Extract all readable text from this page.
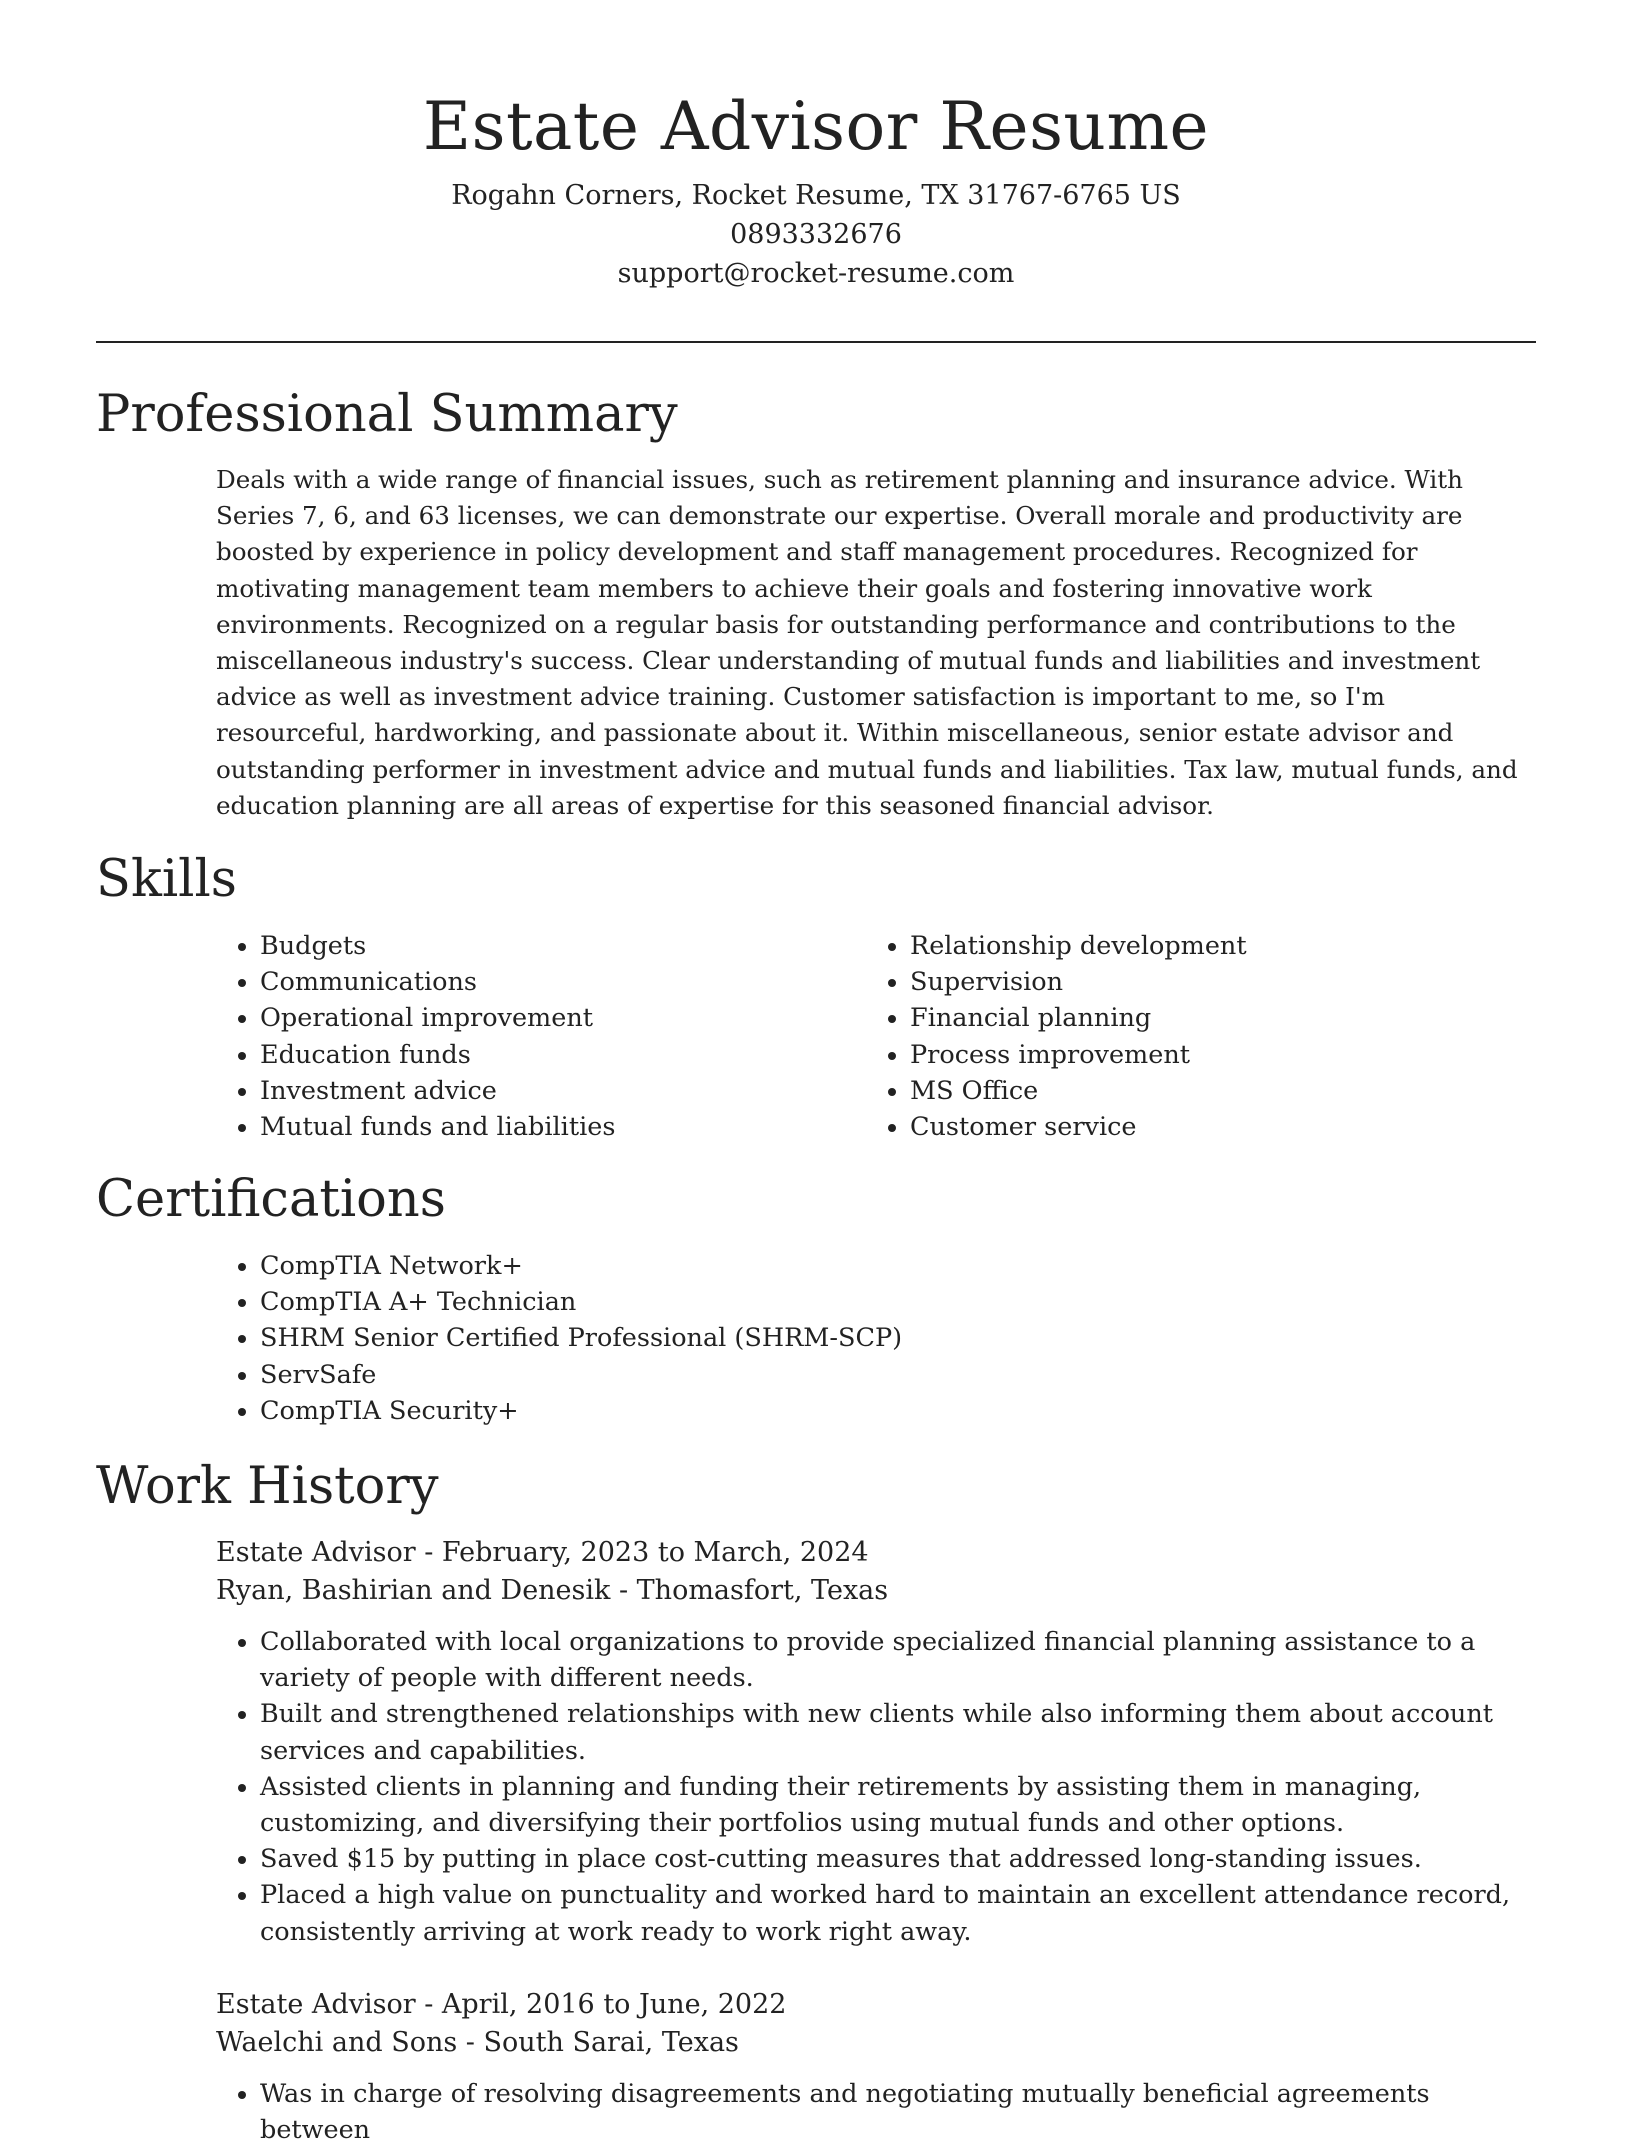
Estate Advisor Resume
Rogahn Corners, Rocket Resume, TX 31767-6765 US
0893332676
support@rocket-resume.com
Professional Summary

Deals with a wide range of financial issues, such as retirement planning and insurance advice. With Series 7, 6, and 63 licenses, we can demonstrate our expertise. Overall morale and productivity are boosted by experience in policy development and staff management procedures. Recognized for motivating management team members to achieve their goals and fostering innovative work environments. Recognized on a regular basis for outstanding performance and contributions to the miscellaneous industry's success. Clear understanding of mutual funds and liabilities and investment advice as well as investment advice training. Customer satisfaction is important to me, so I'm resourceful, hardworking, and passionate about it. Within miscellaneous, senior estate advisor and outstanding performer in investment advice and mutual funds and liabilities. Tax law, mutual funds, and education planning are all areas of expertise for this seasoned financial advisor.

Skills
• Budgets
• Communications
• Operational improvement
• Education funds
• Investment advice
• Mutual funds and liabilities
• Relationship development
• Supervision
• Financial planning
• Process improvement
• MS Office
• Customer service
Certifications
• CompTIA Network+
• CompTIA A+ Technician
• SHRM Senior Certified Professional (SHRM-SCP)
• ServSafe
• CompTIA Security+
Work History
Estate Advisor - February, 2023 to March, 2024
Ryan, Bashirian and Denesik - Thomasfort, Texas
• Collaborated with local organizations to provide specialized financial planning assistance to a variety of people with different needs.
• Built and strengthened relationships with new clients while also informing them about account services and capabilities.
• Assisted clients in planning and funding their retirements by assisting them in managing, customizing, and diversifying their portfolios using mutual funds and other options.
• Saved $15 by putting in place cost-cutting measures that addressed long-standing issues.
• Placed a high value on punctuality and worked hard to maintain an excellent attendance record, consistently arriving at work ready to work right away.
Estate Advisor - April, 2016 to June, 2022
Waelchi and Sons - South Sarai, Texas
• Was in charge of resolving disagreements and negotiating mutually beneficial agreements between
